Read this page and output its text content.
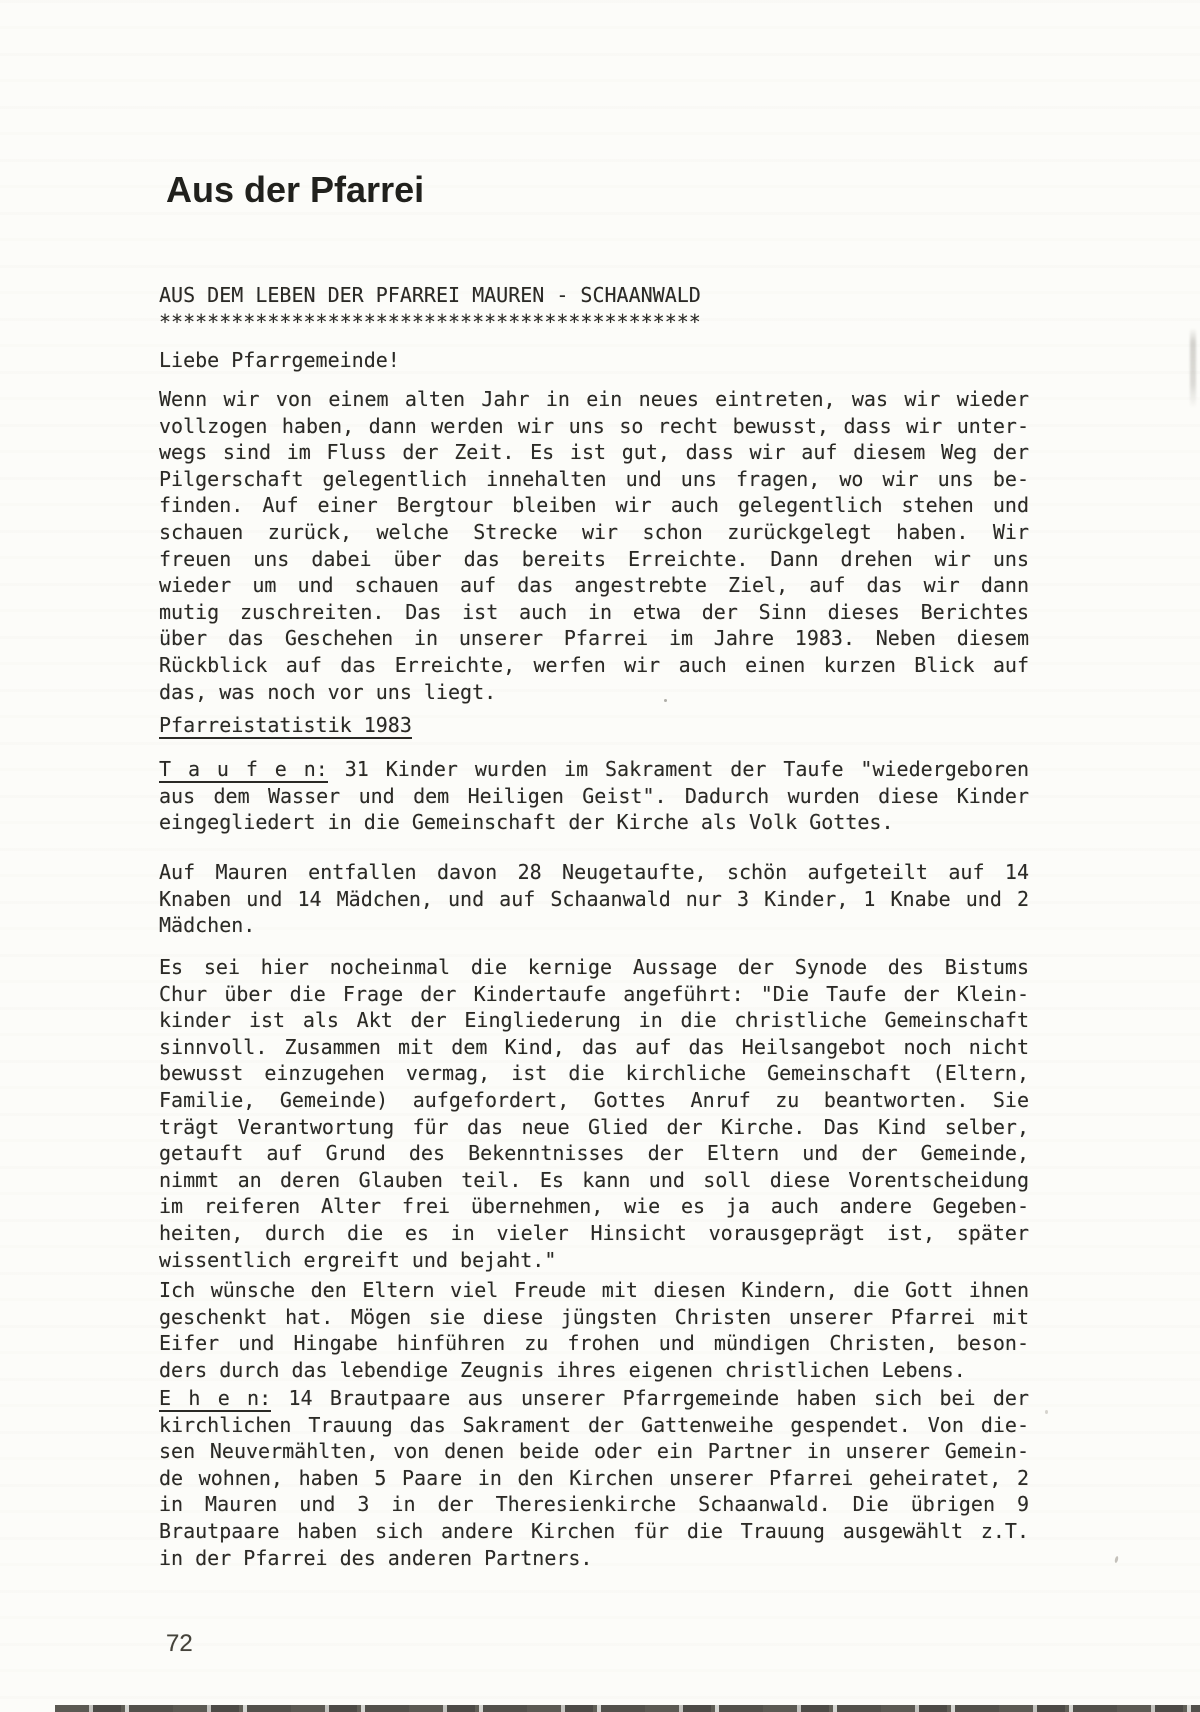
Aus der Pfarrei
AUS DEM LEBEN DER PFARREI MAUREN - SCHAANWALD
*********************************************
Liebe Pfarrgemeinde!
Wenn wir von einem alten Jahr in ein neues eintreten, was wir wieder
vollzogen haben, dann werden wir uns so recht bewusst, dass wir unter-
wegs sind im Fluss der Zeit. Es ist gut, dass wir auf diesem Weg der
Pilgerschaft gelegentlich innehalten und uns fragen, wo wir uns be-
finden. Auf einer Bergtour bleiben wir auch gelegentlich stehen und
schauen zurück, welche Strecke wir schon zurückgelegt haben. Wir
freuen uns dabei über das bereits Erreichte. Dann drehen wir uns
wieder um und schauen auf das angestrebte Ziel, auf das wir dann
mutig zuschreiten. Das ist auch in etwa der Sinn dieses Berichtes
über das Geschehen in unserer Pfarrei im Jahre 1983. Neben diesem
Rückblick auf das Erreichte, werfen wir auch einen kurzen Blick auf
das, was noch vor uns liegt.
Pfarreistatistik 1983
T a u f e n: 31 Kinder wurden im Sakrament der Taufe "wiedergeboren
aus dem Wasser und dem Heiligen Geist". Dadurch wurden diese Kinder
eingegliedert in die Gemeinschaft der Kirche als Volk Gottes.
Auf Mauren entfallen davon 28 Neugetaufte, schön aufgeteilt auf 14
Knaben und 14 Mädchen, und auf Schaanwald nur 3 Kinder, 1 Knabe und 2
Mädchen.
Es sei hier nocheinmal die kernige Aussage der Synode des Bistums
Chur über die Frage der Kindertaufe angeführt: "Die Taufe der Klein-
kinder ist als Akt der Eingliederung in die christliche Gemeinschaft
sinnvoll. Zusammen mit dem Kind, das auf das Heilsangebot noch nicht
bewusst einzugehen vermag, ist die kirchliche Gemeinschaft (Eltern,
Familie, Gemeinde) aufgefordert, Gottes Anruf zu beantworten. Sie
trägt Verantwortung für das neue Glied der Kirche. Das Kind selber,
getauft auf Grund des Bekenntnisses der Eltern und der Gemeinde,
nimmt an deren Glauben teil. Es kann und soll diese Vorentscheidung
im reiferen Alter frei übernehmen, wie es ja auch andere Gegeben-
heiten, durch die es in vieler Hinsicht vorausgeprägt ist, später
wissentlich ergreift und bejaht."
Ich wünsche den Eltern viel Freude mit diesen Kindern, die Gott ihnen
geschenkt hat. Mögen sie diese jüngsten Christen unserer Pfarrei mit
Eifer und Hingabe hinführen zu frohen und mündigen Christen, beson-
ders durch das lebendige Zeugnis ihres eigenen christlichen Lebens.
E h e n: 14 Brautpaare aus unserer Pfarrgemeinde haben sich bei der
kirchlichen Trauung das Sakrament der Gattenweihe gespendet. Von die-
sen Neuvermählten, von denen beide oder ein Partner in unserer Gemein-
de wohnen, haben 5 Paare in den Kirchen unserer Pfarrei geheiratet, 2
in Mauren und 3 in der Theresienkirche Schaanwald. Die übrigen 9
Brautpaare haben sich andere Kirchen für die Trauung ausgewählt z.T.
in der Pfarrei des anderen Partners.
72
